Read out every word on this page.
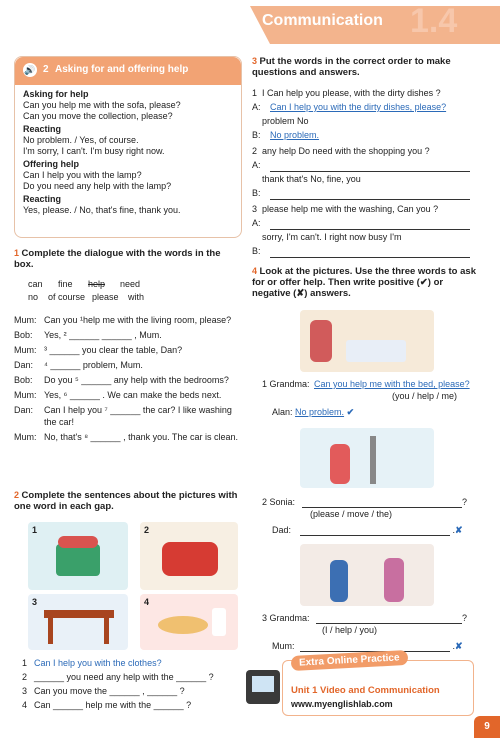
Communication 1.4
🔊 2 Asking for and offering help
Asking for help
Can you help me with the sofa, please?
Can you move the collection, please?
Reacting
No problem. / Yes, of course.
I'm sorry, I can't. I'm busy right now.
Offering help
Can I help you with the lamp?
Do you need any help with the lamp?
Reacting
Yes, please. / No, that's fine, thank you.
1 Complete the dialogue with the words in the box.
can fine help need
no of course please with
Mum: Can you ¹help me with the living room, please?
Bob:	Yes, ² ______ ______ , Mum.
Mum: ³ ______ you clear the table, Dan?
Dan:	⁴ ______ problem, Mum.
Bob:	Do you ⁵ ______ any help with the bedrooms?
Mum: Yes, ⁶ ______ . We can make the beds next.
Dan:	Can I help you ⁷ ______ the car? I like washing the car!
Mum: No, that's ⁸ ______ , thank you. The car is clean.
2 Complete the sentences about the pictures with one word in each gap.
1	2
3	4
1 Can I help you with the clothes?
2 ______ you need any help with the ______ ?
3 Can you move the ______ , ______ ?
4 Can ______ help me with the ______ ?
3 Put the words in the correct order to make questions and answers.
1 I Can help you please, with the dirty dishes ?
A: Can I help you with the dirty dishes, please?
problem No
B: No problem.
2 any help Do need with the shopping you ?
A:
thank that's No, fine, you
B:
3 please help me with the washing, Can you ?
A:
sorry, I'm can't. I right now busy I'm
B:
4 Look at the pictures. Use the three words to ask for or offer help. Then write positive (✔) or negative (✘) answers.
1 Grandma: Can you help me with the bed, please?
(you / help / me)
Alan: No problem. ✔
2 Sonia:	?
(please / move / the)
Dad:	. ✘
3 Grandma:	?
(I / help / you)
Mum:	. ✘
Extra Online Practice
Unit 1 Video and Communication
www.myenglishlab.com
9
